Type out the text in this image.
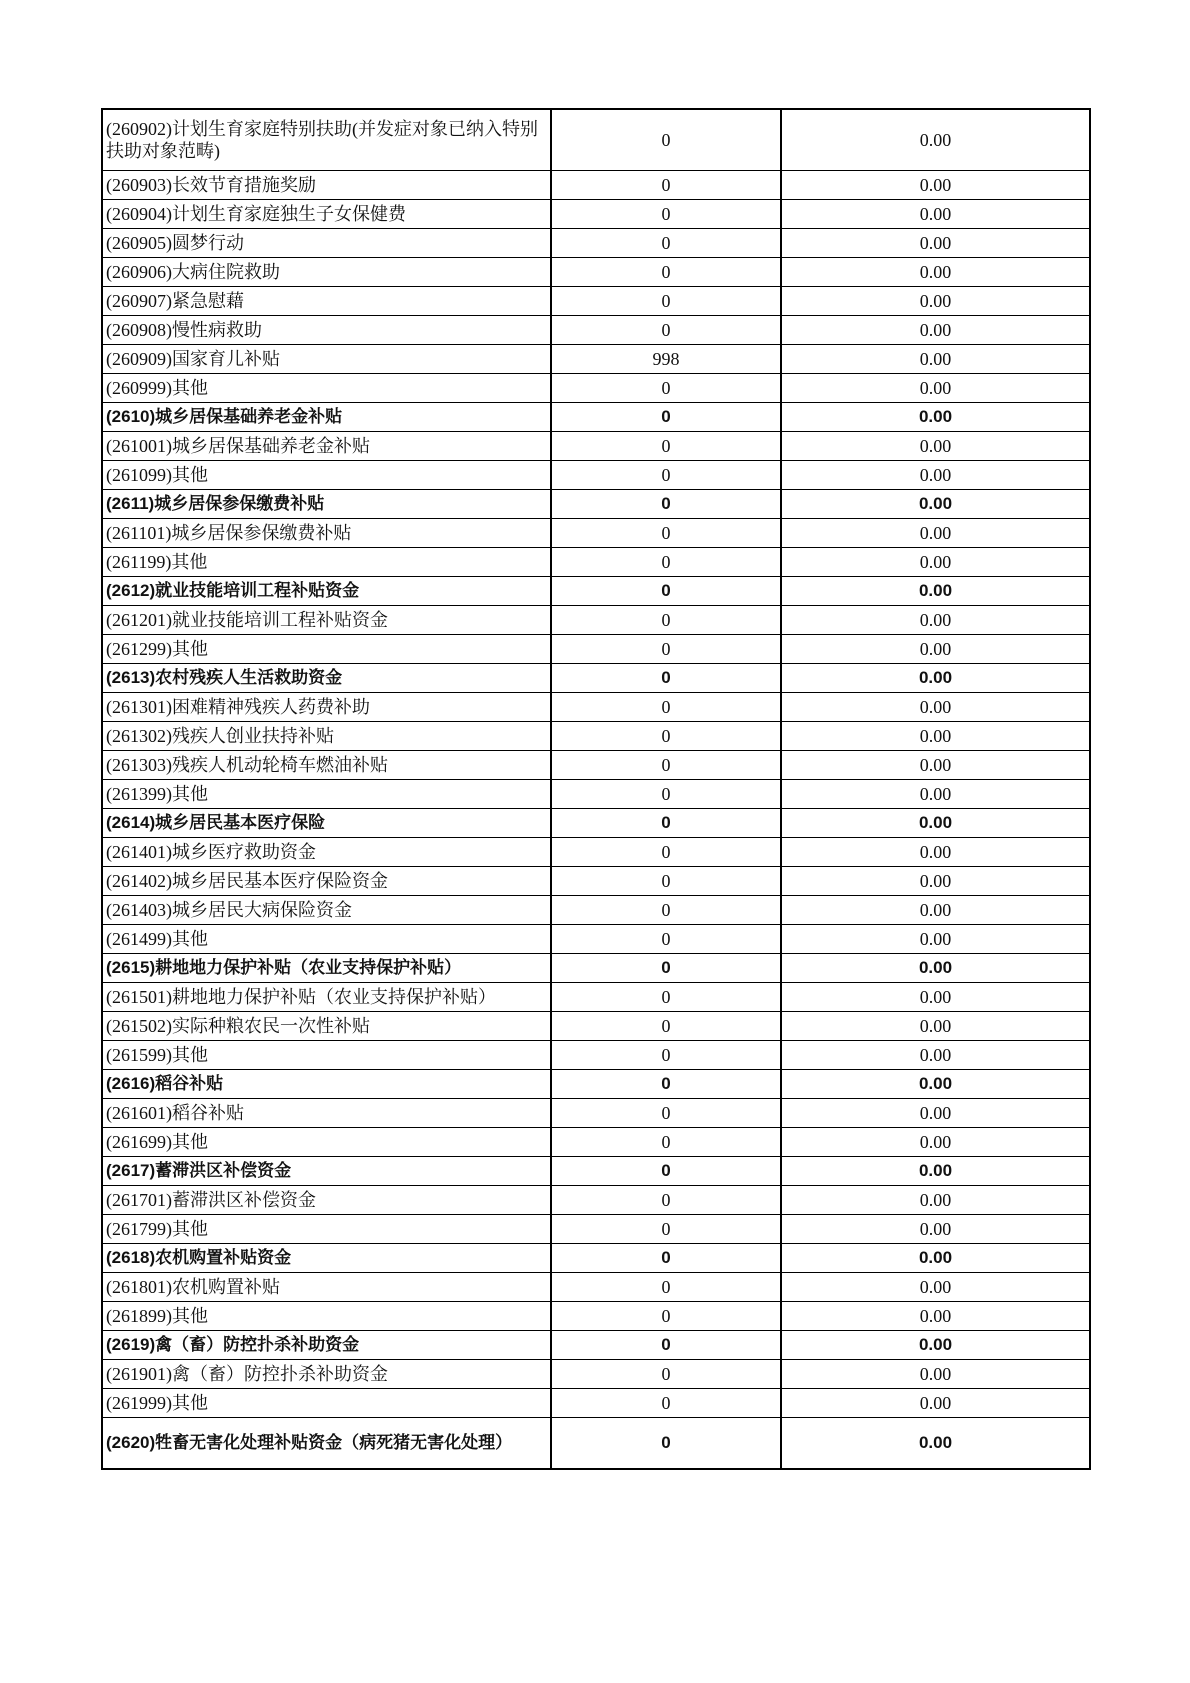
(260902)计划生育家庭特别扶助(并发症对象已纳入特别扶助对象范畴)	0	0.00
(260903)长效节育措施奖励	0	0.00
(260904)计划生育家庭独生子女保健费	0	0.00
(260905)圆梦行动	0	0.00
(260906)大病住院救助	0	0.00
(260907)紧急慰藉	0	0.00
(260908)慢性病救助	0	0.00
(260909)国家育儿补贴	998	0.00
(260999)其他	0	0.00
(2610)城乡居保基础养老金补贴	0	0.00
(261001)城乡居保基础养老金补贴	0	0.00
(261099)其他	0	0.00
(2611)城乡居保参保缴费补贴	0	0.00
(261101)城乡居保参保缴费补贴	0	0.00
(261199)其他	0	0.00
(2612)就业技能培训工程补贴资金	0	0.00
(261201)就业技能培训工程补贴资金	0	0.00
(261299)其他	0	0.00
(2613)农村残疾人生活救助资金	0	0.00
(261301)困难精神残疾人药费补助	0	0.00
(261302)残疾人创业扶持补贴	0	0.00
(261303)残疾人机动轮椅车燃油补贴	0	0.00
(261399)其他	0	0.00
(2614)城乡居民基本医疗保险	0	0.00
(261401)城乡医疗救助资金	0	0.00
(261402)城乡居民基本医疗保险资金	0	0.00
(261403)城乡居民大病保险资金	0	0.00
(261499)其他	0	0.00
(2615)耕地地力保护补贴（农业支持保护补贴）	0	0.00
(261501)耕地地力保护补贴（农业支持保护补贴）	0	0.00
(261502)实际种粮农民一次性补贴	0	0.00
(261599)其他	0	0.00
(2616)稻谷补贴	0	0.00
(261601)稻谷补贴	0	0.00
(261699)其他	0	0.00
(2617)蓄滞洪区补偿资金	0	0.00
(261701)蓄滞洪区补偿资金	0	0.00
(261799)其他	0	0.00
(2618)农机购置补贴资金	0	0.00
(261801)农机购置补贴	0	0.00
(261899)其他	0	0.00
(2619)禽（畜）防控扑杀补助资金	0	0.00
(261901)禽（畜）防控扑杀补助资金	0	0.00
(261999)其他	0	0.00
(2620)牲畜无害化处理补贴资金（病死猪无害化处理）	0	0.00
